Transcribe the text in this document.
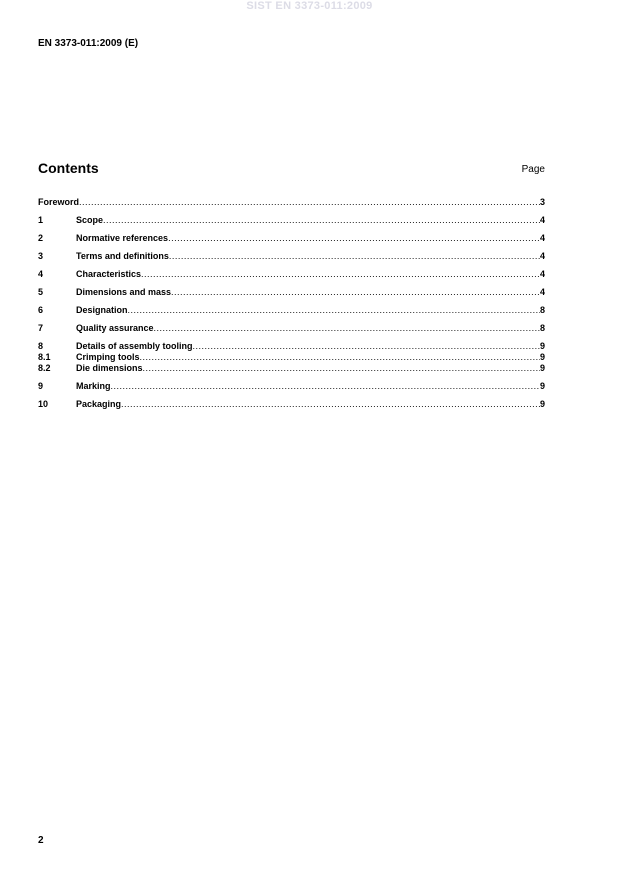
SIST EN 3373-011:2009
EN 3373-011:2009 (E)
Contents	Page
Foreword .....	3
1	Scope .....	4
2	Normative references .....	4
3	Terms and definitions .....	4
4	Characteristics .....	4
5	Dimensions and mass .....	4
6	Designation .....	8
7	Quality assurance .....	8
8	Details of assembly tooling .....	9
8.1	Crimping tools .....	9
8.2	Die dimensions .....	9
9	Marking .....	9
10	Packaging .....	9
2
